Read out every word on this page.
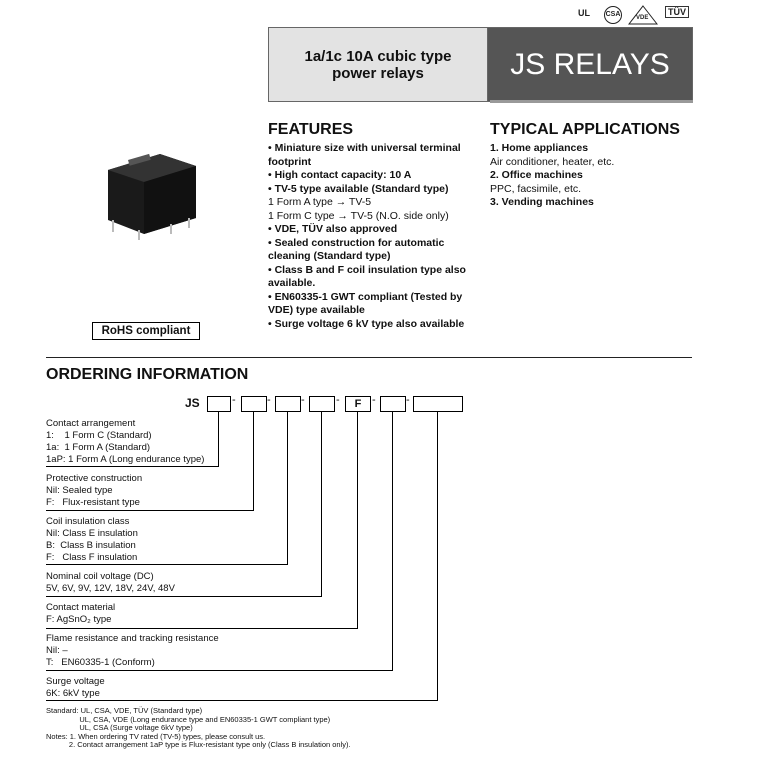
UL CSA	VDE
TÜV
1a/1c 10A cubic type
power relays	JS RELAYS
RoHS compliant
FEATURES
• Miniature size with universal terminal footprint
• High contact capacity: 10 A
• TV-5 type available (Standard type)
1 Form A type → TV-5
1 Form C type → TV-5 (N.O. side only)
• VDE, TÜV also approved
• Sealed construction for automatic cleaning (Standard type)
• Class B and F coil insulation type also available.
• EN60335-1 GWT compliant (Tested by VDE) type available
• Surge voltage 6 kV type also available
TYPICAL APPLICATIONS
1. Home appliances
Air conditioner, heater, etc.
2. Office machines
PPC, facsimile, etc.
3. Vending machines
ORDERING INFORMATION
JS	-	-	-	-	F -	-
Contact arrangement
1:    1 Form C (Standard)
1a:  1 Form A (Standard)
1aP: 1 Form A (Long endurance type)
Protective construction
Nil: Sealed type
F:   Flux-resistant type
Coil insulation class
Nil: Class E insulation
B:  Class B insulation
F:   Class F insulation
Nominal coil voltage (DC)
5V, 6V, 9V, 12V, 18V, 24V, 48V
Contact material
F: AgSnO₂ type
Flame resistance and tracking resistance
Nil: –
T:   EN60335-1 (Conform)
Surge voltage
6K: 6kV type
Standard: UL, CSA, VDE, TÜV (Standard type)
UL, CSA, VDE (Long endurance type and EN60335-1 GWT compliant type)
UL, CSA (Surge voltage 6kV type)
Notes: 1. When ordering TV rated (TV-5) types, please consult us.
2. Contact arrangement 1aP type is Flux-resistant type only (Class B insulation only).
